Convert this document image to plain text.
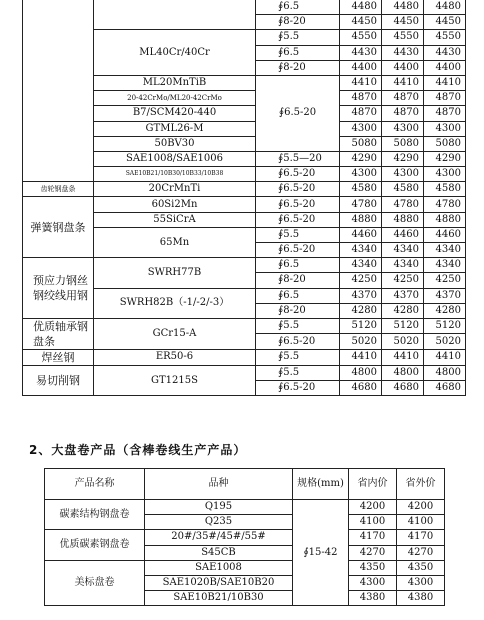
		∮6.5	4480	4480	4480
		∮8-20	4450	4450	4450
	ML40Cr/40Cr	∮5.5	4550	4550	4550
		∮6.5	4430	4430	4430
		∮8-20	4400	4400	4400
	ML20MnTiB	∮6.5-20	4410	4410	4410
	20-42CrMo/ML20-42CrMo		4870	4870	4870
	B7/SCM420-440		4870	4870	4870
	GTML26-M		4300	4300	4300
	50BV30		5080	5080	5080
	SAE1008/SAE1006	∮5.5—20	4290	4290	4290
	SAE10B21/10B30/10B33/10B38	∮6.5-20	4300	4300	4300
齿轮钢盘条	20CrMnTi	∮6.5-20	4580	4580	4580
弹簧钢盘条	60Si2Mn	∮6.5-20	4780	4780	4780
	55SiCrA	∮6.5-20	4880	4880	4880
	65Mn	∮5.5	4460	4460	4460
		∮6.5-20	4340	4340	4340
预应力钢丝钢绞线用钢	SWRH77B	∮6.5	4340	4340	4340
		∮8-20	4250	4250	4250
	SWRH82B（-1/-2/-3）	∮6.5	4370	4370	4370
		∮8-20	4280	4280	4280
优质轴承钢盘条	GCr15-A	∮5.5	5120	5120	5120
		∮6.5-20	5020	5020	5020
焊丝钢	ER50-6	∮5.5	4410	4410	4410
易切削钢	GT1215S	∮5.5	4800	4800	4800
		∮6.5-20	4680	4680	4680
2、大盘卷产品（含棒卷线生产产品）
产品名称	品种	规格(mm)	省内价	省外价
碳素结构钢盘卷	Q195	∮15-42	4200	4200
	Q235		4100	4100
优质碳素钢盘卷	20#/35#/45#/55#		4170	4170
	S45CB		4270	4270
美标盘卷	SAE1008		4350	4350
	SAE1020B/SAE10B20		4300	4300
	SAE10B21/10B30		4380	4380
